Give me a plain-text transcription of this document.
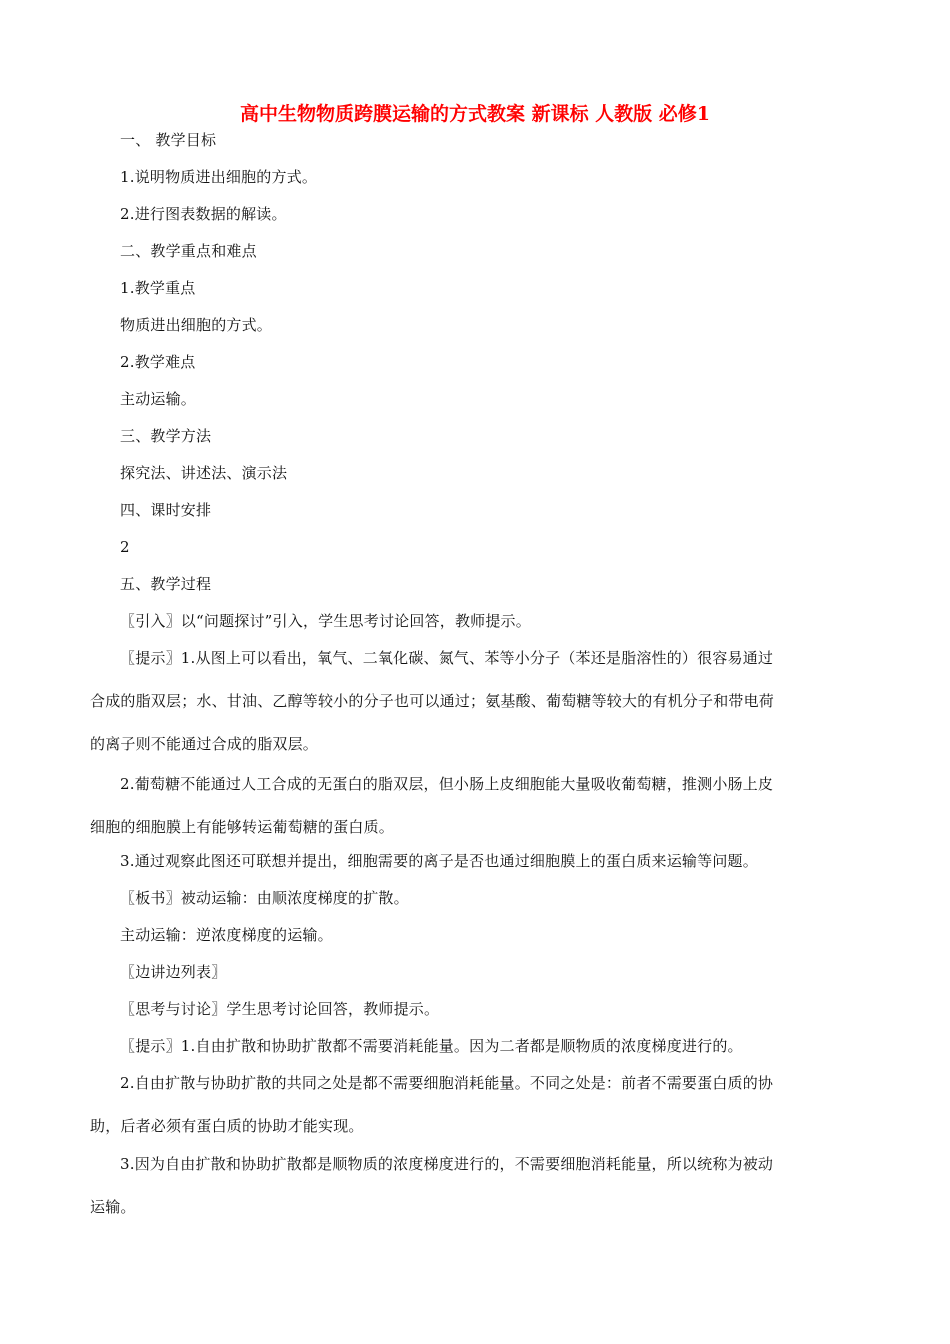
高中生物物质跨膜运输的方式教案 新课标 人教版 必修1
一、 教学目标
1.说明物质进出细胞的方式。
2.进行图表数据的解读。
二、教学重点和难点
1.教学重点
物质进出细胞的方式。
2.教学难点
主动运输。
三、教学方法
探究法、讲述法、演示法
四、课时安排
2
五、教学过程
〖引入〗以“问题探讨”引入，学生思考讨论回答，教师提示。
〖提示〗1.从图上可以看出，氧气、二氧化碳、氮气、苯等小分子（苯还是脂溶性的）很容易通过
合成的脂双层；水、甘油、乙醇等较小的分子也可以通过；氨基酸、葡萄糖等较大的有机分子和带电荷
的离子则不能通过合成的脂双层。
2.葡萄糖不能通过人工合成的无蛋白的脂双层，但小肠上皮细胞能大量吸收葡萄糖，推测小肠上皮
细胞的细胞膜上有能够转运葡萄糖的蛋白质。
3.通过观察此图还可联想并提出，细胞需要的离子是否也通过细胞膜上的蛋白质来运输等问题。
〖板书〗被动运输：由顺浓度梯度的扩散。
主动运输：逆浓度梯度的运输。
〖边讲边列表〗
〖思考与讨论〗学生思考讨论回答，教师提示。
〖提示〗1.自由扩散和协助扩散都不需要消耗能量。因为二者都是顺物质的浓度梯度进行的。
2.自由扩散与协助扩散的共同之处是都不需要细胞消耗能量。不同之处是：前者不需要蛋白质的协
助，后者必须有蛋白质的协助才能实现。
3.因为自由扩散和协助扩散都是顺物质的浓度梯度进行的，不需要细胞消耗能量，所以统称为被动
运输。
